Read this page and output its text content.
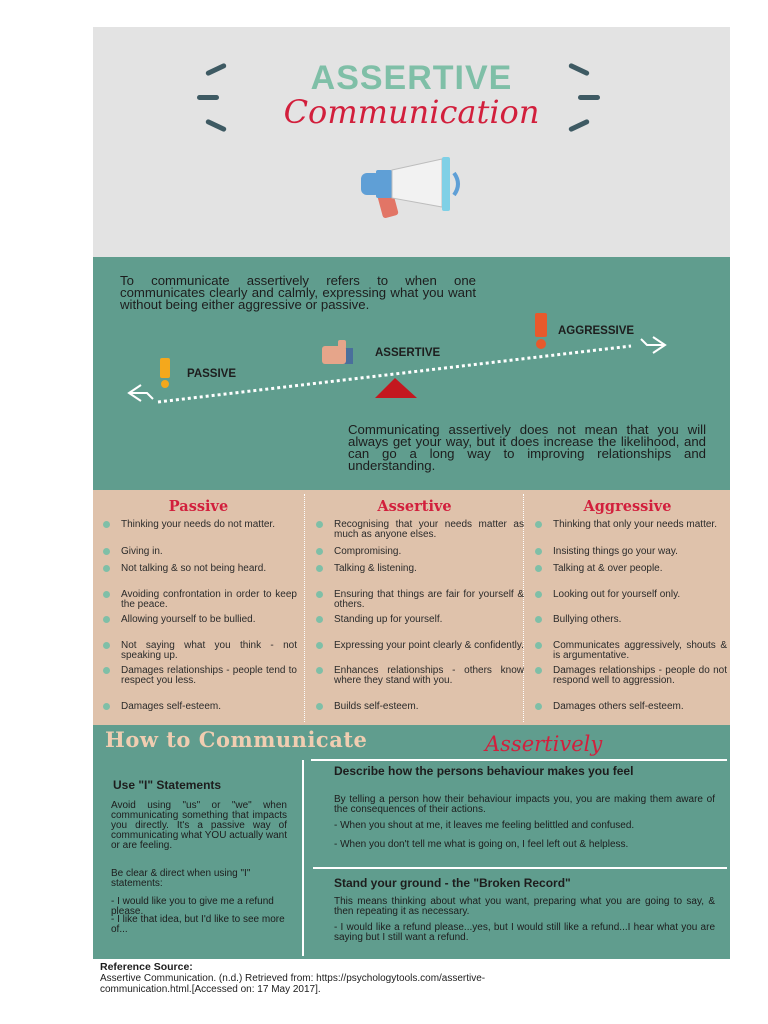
ASSERTIVE
Communication

To communicate assertively refers to when one communicates clearly and calmly, expressing what you want without being either aggressive or passive.

PASSIVE
ASSERTIVE
AGGRESSIVE

Communicating assertively does not mean that you will always get your way, but it does increase the likelihood, and can go a long way to improving relationships and understanding.

Passive
Thinking your needs do not matter.
Giving in.
Not talking & so not being heard.
Avoiding confrontation in order to keep the peace.
Allowing yourself to be bullied.
Not saying what you think - not speaking up.
Damages relationships - people tend to respect you less.
Damages self-esteem.
Assertive
Recognising that your needs matter as much as anyone elses.
Compromising.
Talking & listening.
Ensuring that things are fair for yourself & others.
Standing up for yourself.
Expressing your point clearly & confidently.
Enhances relationships - others know where they stand with you.
Builds self-esteem.
Aggressive
Thinking that only your needs matter.
Insisting things go your way.
Talking at & over people.
Looking out for yourself only.
Bullying others.
Communicates aggressively, shouts & is argumentative.
Damages relationships - people do not respond well to aggression.
Damages others self-esteem.
How to Communicate	Assertively
Use "I" Statements

Avoid using "us" or "we" when communicating something that impacts you directly. It's a passive way of communicating what YOU actually want or are feeling.

Be clear & direct when using "I" statements:

- I would like you to give me a refund please.

- I like that idea, but I'd like to see more of...

Describe how the persons behaviour makes you feel

By telling a person how their behaviour impacts you, you are making them aware of the consequences of their actions.

- When you shout at me, it leaves me feeling belittled and confused.

- When you don't tell me what is going on, I feel left out & helpless.

Stand your ground - the "Broken Record"

This means thinking about what you want, preparing what you are going to say, & then repeating it as necessary.

- I would like a refund please...yes, but I would still like a refund...I hear what you are saying but I still want a refund.

Reference Source:
Assertive Communication. (n.d.) Retrieved from: https://psychologytools.com/assertive-communication.html.[Accessed on: 17 May 2017].
